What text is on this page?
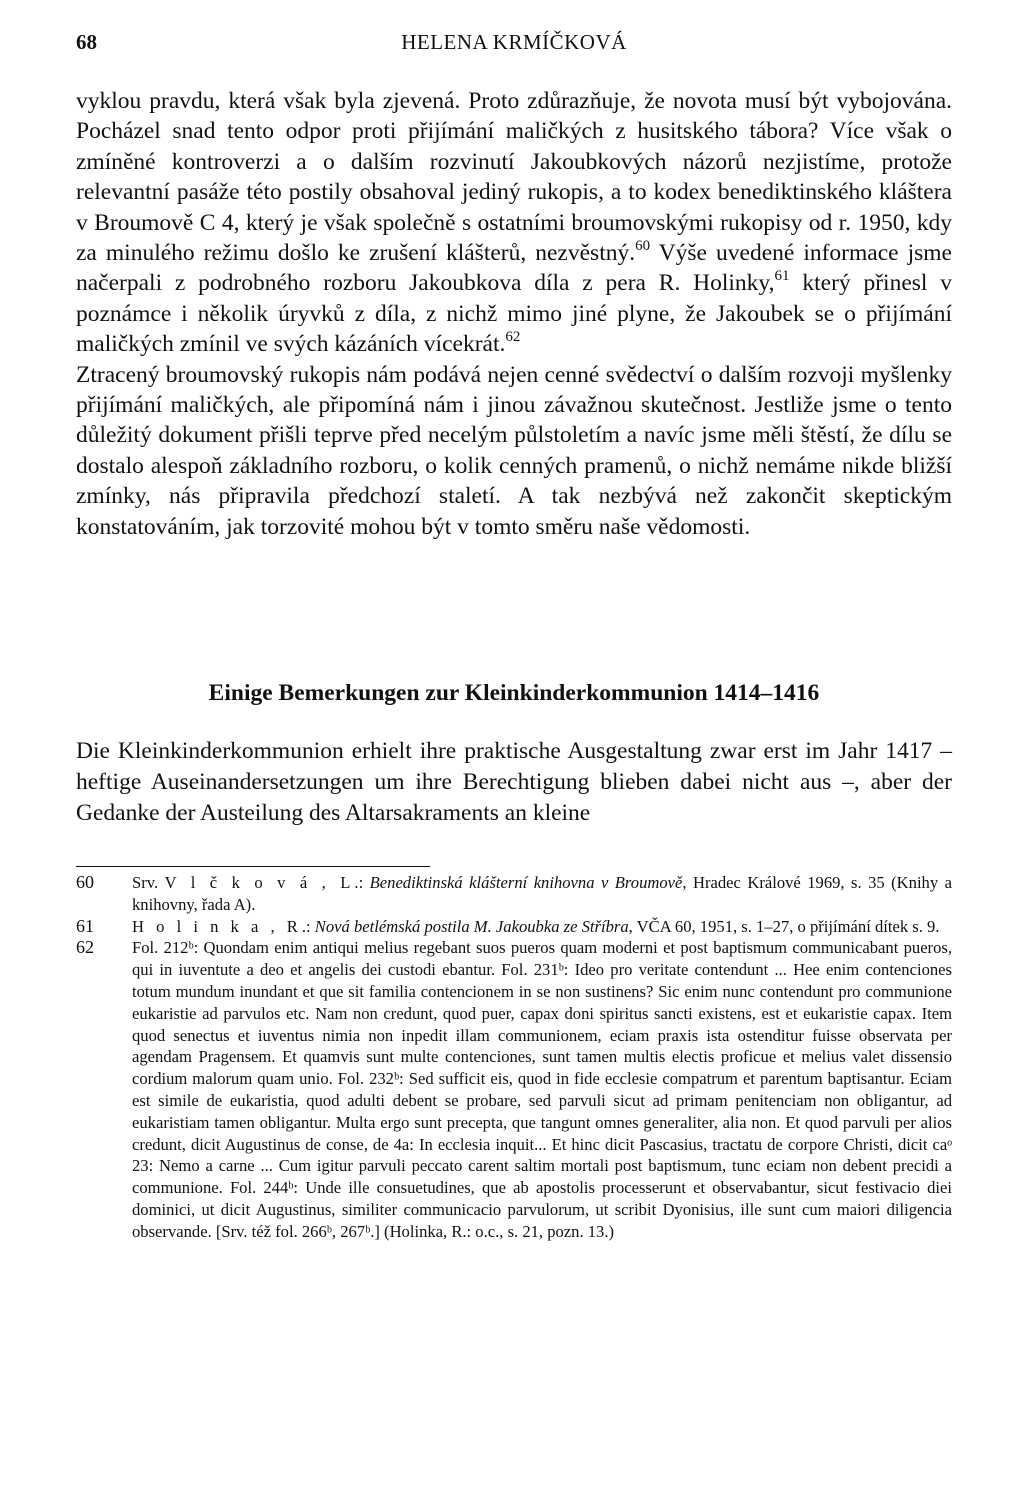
68	HELENA KRMÍČKOVÁ

vyklou pravdu, která však byla zjevená. Proto zdůrazňuje, že novota musí být vybojována. Pocházel snad tento odpor proti přijímání maličkých z husitského tábora? Více však o zmíněné kontroverzi a o dalším rozvinutí Jakoubkových názorů nezjistíme, protože relevantní pasáže této postily obsahoval jediný rukopis, a to kodex benediktinského kláštera v Broumově C 4, který je však společně s ostatními broumovskými rukopisy od r. 1950, kdy za minulého režimu došlo ke zrušení klášterů, nezvěstný.$^{60}$ Výše uvedené informace jsme načerpali z podrobného rozboru Jakoubkova díla z pera R. Holinky,$^{61}$ který přinesl v poznámce i několik úryvků z díla, z nichž mimo jiné plyne, že Jakoubek se o přijímání maličkých zmínil ve svých kázáních vícekrát.$^{62}$

Ztracený broumovský rukopis nám podává nejen cenné svědectví o dalším rozvoji myšlenky přijímání maličkých, ale připomíná nám i jinou závažnou skutečnost. Jestliže jsme o tento důležitý dokument přišli teprve před necelým půlstoletím a navíc jsme měli štěstí, že dílu se dostalo alespoň základního rozboru, o kolik cenných pramenů, o nichž nemáme nikde bližší zmínky, nás připravila předchozí staletí. A tak nezbývá než zakončit skeptickým konstatováním, jak torzovité mohou být v tomto směru naše vědomosti.

Einige Bemerkungen zur Kleinkinderkommunion 1414–1416

Die Kleinkinderkommunion erhielt ihre praktische Ausgestaltung zwar erst im Jahr 1417 – heftige Auseinandersetzungen um ihre Berechtigung blieben dabei nicht aus –, aber der Gedanke der Austeilung des Altarsakraments an kleine

60 Srv. V l č k o v á , L.: Benediktinská klášterní knihovna v Broumově, Hradec Králové 1969, s. 35 (Knihy a knihovny, řada A).

61 H o l i n k a , R.: Nová betlémská postila M. Jakoubka ze Stříbra, VČA 60, 1951, s. 1–27, o přijímání dítek s. 9.

62 Fol. 212ᵇ: Quondam enim antiqui melius regebant suos pueros quam moderni et post baptismum communicabant pueros, qui in iuventute a deo et angelis dei custodi ebantur. Fol. 231ᵇ: Ideo pro veritate contendunt ... Hee enim contenciones totum mundum inundant et que sit familia contencionem in se non sustinens? Sic enim nunc contendunt pro communione eukaristie ad parvulos etc. Nam non credunt, quod puer, capax doni spiritus sancti existens, est et eukaristie capax. Item quod senectus et iuventus nimia non inpedit illam communionem, eciam praxis ista ostenditur fuisse observata per agendam Pragensem. Et quamvis sunt multe contenciones, sunt tamen multis electis proficue et melius valet dissensio cordium malorum quam unio. Fol. 232ᵇ: Sed sufficit eis, quod in fide ecclesie compatrum et parentum baptisantur. Eciam est simile de eukaristia, quod adulti debent se probare, sed parvuli sicut ad primam penitenciam non obligantur, ad eukaristiam tamen obligantur. Multa ergo sunt precepta, que tangunt omnes generaliter, alia non. Et quod parvuli per alios credunt, dicit Augustinus de conse, de 4a: In ecclesia inquit... Et hinc dicit Pascasius, tractatu de corpore Christi, dicit caᵒ 23: Nemo a carne ... Cum igitur parvuli peccato carent saltim mortali post baptismum, tunc eciam non debent precidi a communione. Fol. 244ᵇ: Unde ille consuetudines, que ab apostolis processerunt et observabantur, sicut festivacio diei dominici, ut dicit Augustinus, similiter communicacio parvulorum, ut scribit Dyonisius, ille sunt cum maiori diligencia observande. [Srv. též fol. 266ᵇ, 267ᵇ.] (Holinka, R.: o.c., s. 21, pozn. 13.)
